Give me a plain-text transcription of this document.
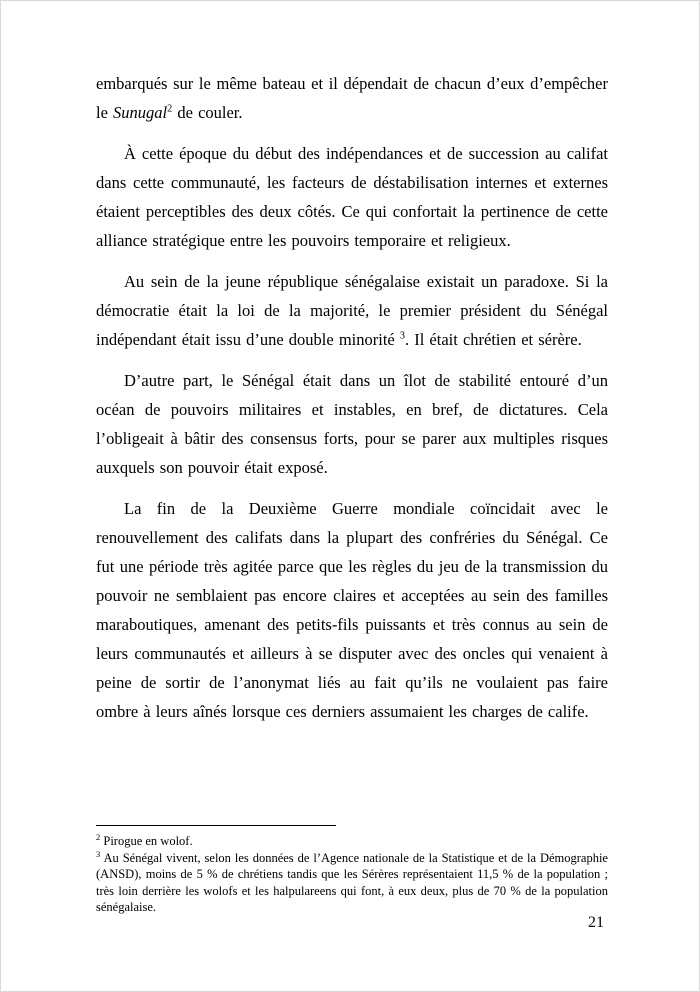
embarqués sur le même bateau et il dépendait de chacun d’eux d’empêcher le Sunugal$^2$ de couler.

À cette époque du début des indépendances et de succession au califat dans cette communauté, les facteurs de déstabilisation internes et externes étaient perceptibles des deux côtés. Ce qui confortait la pertinence de cette alliance stratégique entre les pouvoirs temporaire et religieux.

Au sein de la jeune république sénégalaise existait un paradoxe. Si la démocratie était la loi de la majorité, le premier président du Sénégal indépendant était issu d’une double minorité $^3$. Il était chrétien et sérère.

D’autre part, le Sénégal était dans un îlot de stabilité entouré d’un océan de pouvoirs militaires et instables, en bref, de dictatures. Cela l’obligeait à bâtir des consensus forts, pour se parer aux multiples risques auxquels son pouvoir était exposé.

La fin de la Deuxième Guerre mondiale coïncidait avec le renouvellement des califats dans la plupart des confréries du Sénégal. Ce fut une période très agitée parce que les règles du jeu de la transmission du pouvoir ne semblaient pas encore claires et acceptées au sein des familles maraboutiques, amenant des petits-fils puissants et très connus au sein de leurs communautés et ailleurs à se disputer avec des oncles qui venaient à peine de sortir de l’anonymat liés au fait qu’ils ne voulaient pas faire ombre à leurs aînés lorsque ces derniers assumaient les charges de calife.

$^2$ Pirogue en wolof.

$^3$ Au Sénégal vivent, selon les données de l’Agence nationale de la Statistique et de la Démographie (ANSD), moins de 5 % de chrétiens tandis que les Sérères représentaient 11,5 % de la population ; très loin derrière les wolofs et les halpulareens qui font, à eux deux, plus de 70 % de la population sénégalaise.

21
